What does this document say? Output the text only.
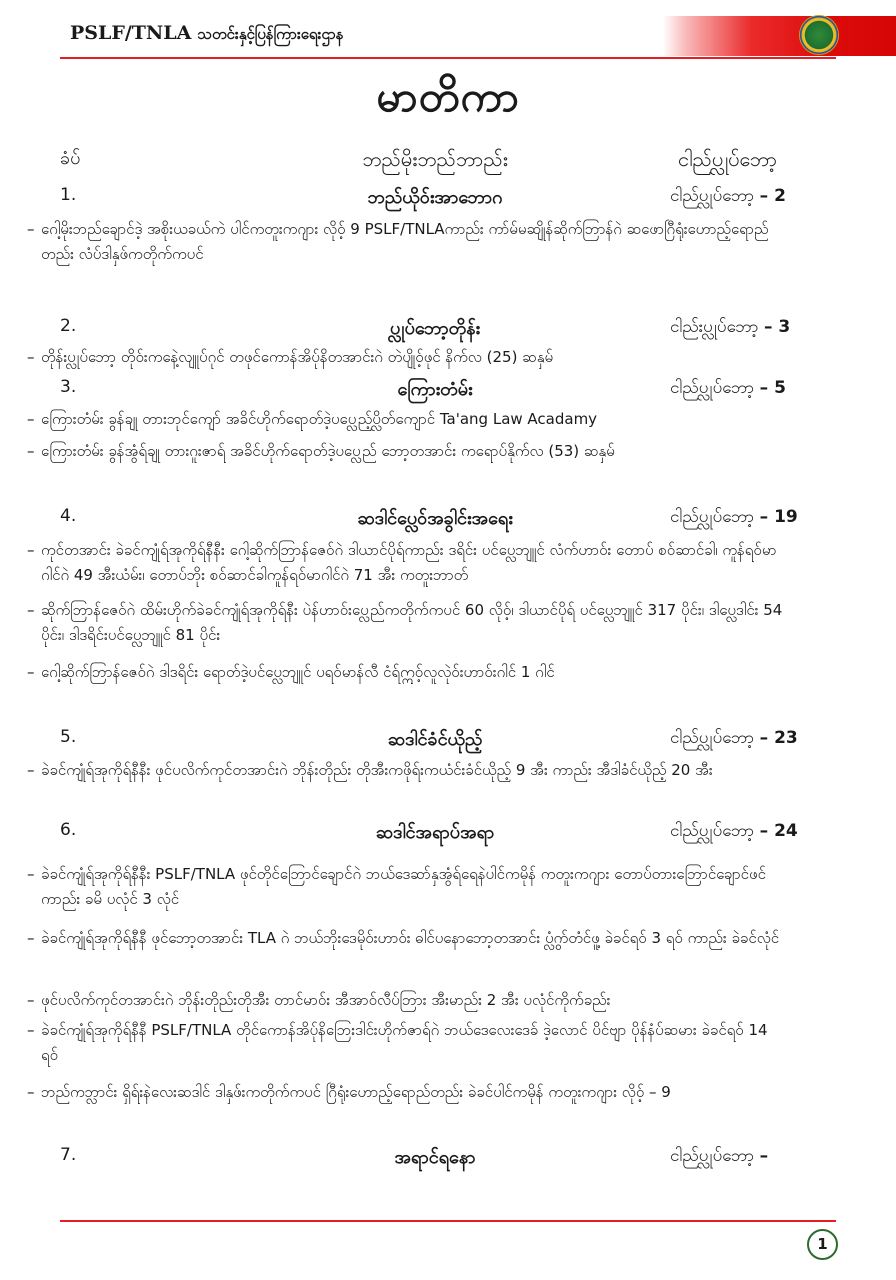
PSLF/TNLA သတင်းနှင့်ပြန်ကြားရေးဌာန
မာတိကာ
ခံပ်	ဘည်မိုးဘည်ဘာည်း	ငါည်ပ္လုပ်ဘော့
1.	ဘည်ယိုဝ်းအာဘောဂ	ငါည်ပ္လုပ်ဘော့ – 2
– ဂေါ့မိုးဘည်ချောင်ဒဲ့ အစိုးယခယ်ကဲ ပါင်ကတူးကဂျား လိုဝ့် 9 PSLF/TNLAကာည်း ကာ်မ်မဆျိုန်ဆိုက်ဘြာန်ဂဲ ဆဖောဂြီရုံးဟောည့်ရောည်တည်း လံပ်ဒါနှဖ်ကတိုက်ကပင်
2.	ပ္လုပ်ဘော့တိုန်း	ငါည်းပ္လုပ်ဘော့ – 3
– တိုန်းပ္လုပ်ဘော့ တိုဝ်းကနေဲ့လျူပ်ဂုင် တဖုင်ကောန်အိပ်ုနိတအာင်းဂဲ တဲပျိုဝ့်ဖုင် နိက်လ (25) ဆနှမ်
3.	ကြေားတံမ်း	ငါည်ပ္လုပ်ဘော့ – 5
– ကြေားတံမ်း ခွန်ချု တားဘုင်ကျော် အခိင်ဟိုက်ရောတ်ဒဲ့ပပ္လေည့်ပ္လိတ်ကျောင် Ta'ang Law Acadamy
– ကြေားတံမ်း ခွန်အွံရ်ချု တားဂူးဇာရ် အခိင်ဟိုက်ရောတ်ဒဲ့ပပ္လေည် ဘော့တအာင်း ကရောပ်နိုက်လ (53) ဆနှမ်
4.	ဆဒါင်ပ္လေဝ်အခွါင်းအရေး	ငါည်ပ္လုပ်ဘော့ – 19
– ကုင်တအာင်း ခဲခင်ကျုံရ်အုကိုရ်နီနီး ဂေါ့ဆိုက်ဘြာန်ဇေဝ်ဂဲ ဒါယာင်ပိုရ်ကာည်း ဒရိင်း ပင်ပ္လေဘျူင် လံက်ဟာဝ်း တောပ် စဝ်ဆာင်ခါ၊ ကူန်ရဝ်မာဂါင်ဂဲ 49 အီးယံမ်း၊ တောပ်ဘိုး စဝ်ဆာင်ခါကူန်ရဝ်မာဂါင်ဂဲ 71 အီး ကတူးဘာတ်
– ဆိုက်ဘြာန်ဇေဝ်ဂဲ ထိမ်းဟိုက်ခဲခင်ကျုံရ်အုကိုရ်နီး ပဲန်ဟာဝ်းပ္လေည်ကတိုက်ကပင် 60 လိုဝ့်၊ ဒါယာင်ပိုရ် ပင်ပ္လေဘျူင် 317 ပိုင်း၊ ဒါပ္လေဒါင်း 54 ပိုင်း၊ ဒါဒရိင်းပင်ပ္လေဘျူင် 81 ပိုင်း
– ဂေါ့ဆိုက်ဘြာန်ဇေဝ်ဂဲ ဒါဒရိင်း ရောတ်ဒဲ့ပင်ပ္လေဘျူင် ပရဝ်မာန်လီ ငံရ်ဣဝ့်လူလုဲဝ်းဟာဝ်းဂါင် 1 ဂါင်
5.	ဆဒါင်ခံင်ယိုည့်	ငါည်ပ္လုပ်ဘော့ – 23
– ခဲခင်ကျုံရ်အုကိုရ်နီနီး ဖုင်ပလိက်ကုင်တအာင်းဂဲ ဘိုန်းတိုည်း တိုအီးကဖိုရ်းကယံင်းခံင်ယိုည့် 9 အီး ကာည်း အီဒါခံင်ယိုည့် 20 အီး
6.	ဆဒါင်အရာပ်အရာ	ငါည်ပ္လုပ်ဘော့ – 24
– ခဲခင်ကျုံရ်အုကိုရ်နီနီး PSLF/TNLA ဖုင်တိုင်ဘြောင်ချောင်ဂဲ ဘယ်ဒေဆာ်နှအွံရ်ရေနဲပါင်ကမိုန် ကတူးကဂျား တောပ်တားဘြောင်ချောင်ဖင် ကာည်း ခမိ ပလုံင် 3 လုံင်
– ခဲခင်ကျုံရ်အုကိုရ်နီနီ ဖုင်ဘော့တအာင်း TLA ဂဲ ဘယ်ဘိုးဒေမိုဝ်းဟာဝ်း ဓါင်ပနောဘော့တအာင်း ပ္လွံက်တံင်ဖူ့ ခဲခင်ရဝ် 3 ရဝ် ကာည်း ခဲခင်လုံင်
– ဖုင်ပလိက်ကုင်တအာင်းဂဲ ဘိုန်းတိုည်းတိုအီး တာင်မာဝ်း အီအာဝ်လီပ်ဘြား အီးမာည်း 2 အီး ပလုံင်ကိုက်ခည်း
– ခဲခင်ကျုံရ်အုကိုရ်နီနီ PSLF/TNLA တိုင်ကောန်အိပ်ုနိဘြေးဒါင်းဟိုက်ဇာရ်ဂဲ ဘယ်ဒေလေးဒေခ် ဒဲ့လောင် ပိင်ဗျာ ပိုန်နံပ်ဆမား ခဲခင်ရဝ် 14 ရဝ်
– ဘည်ကဘ္လာင်း ရှိရ်းနဲလေးဆဒါင် ဒါနှဖ်းကတိုက်ကပင် ဂြီရုံးဟောည့်ရောည်တည်း ခဲခင်ပါင်ကမိုန် ကတူးကဂျား လိုဝ့် – 9
7.	အရာင်ရနော	ငါည်ပ္လုပ်ဘော့ –
1
